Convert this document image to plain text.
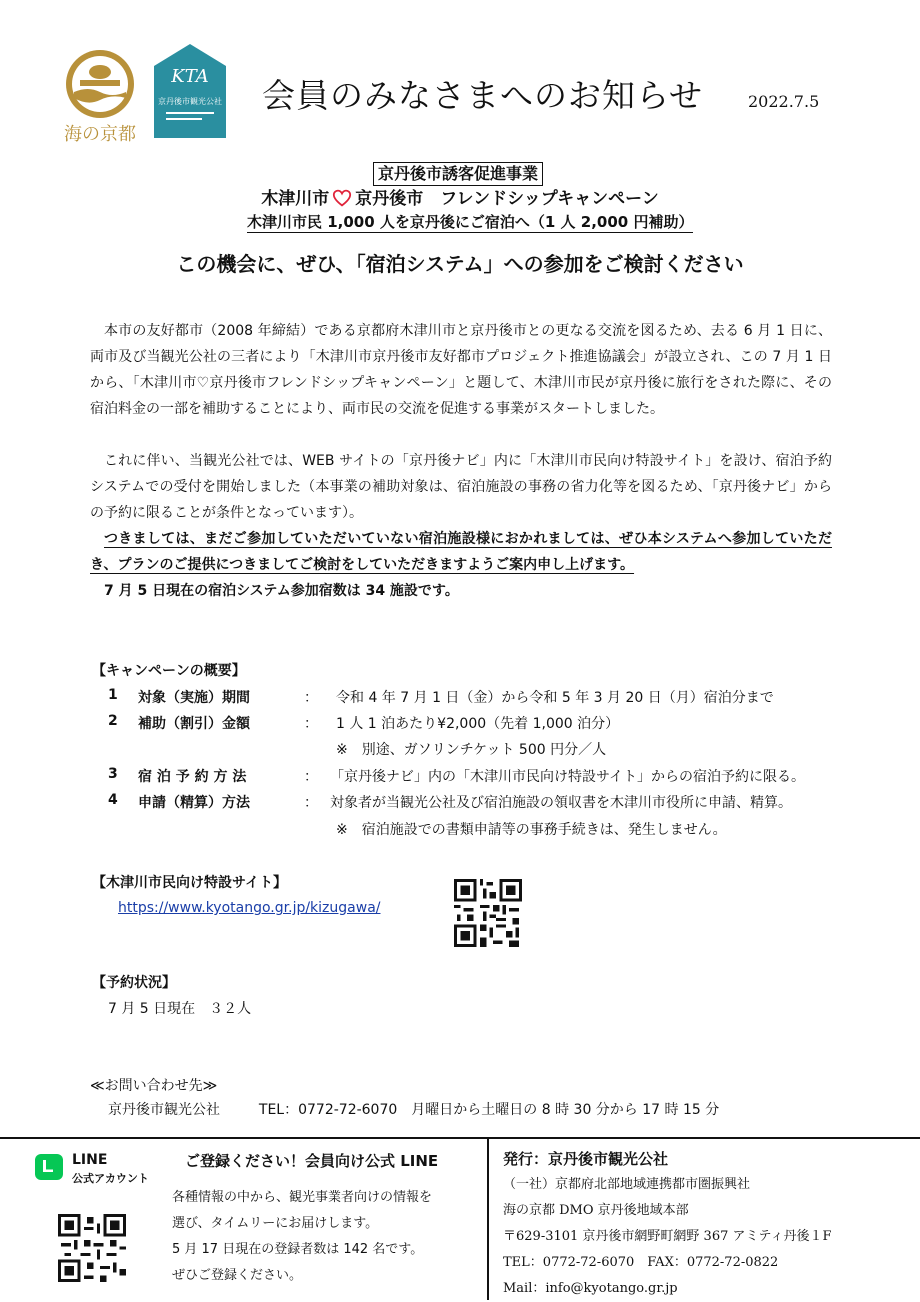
海の京都
KTA
京丹後市観光公社 会員のみなさまへのお知らせ	2022.7.5
京丹後市誘客促進事業
木津川市 京丹後市　フレンドシップキャンペーン
木津川市民 1,000 人を京丹後にご宿泊へ（1 人 2,000 円補助）
この機会に、ぜひ、「宿泊システム」への参加をご検討ください
本市の友好都市（2008 年締結）である京都府木津川市と京丹後市との更なる交流を図るため、去る 6 月 1 日に、両市及び当観光公社の三者により「木津川市京丹後市友好都市プロジェクト推進協議会」が設立され、この 7 月 1 日から、「木津川市♡京丹後市フレンドシップキャンペーン」と題して、木津川市民が京丹後に旅行をされた際に、その宿泊料金の一部を補助することにより、両市民の交流を促進する事業がスタートしました。
これに伴い、当観光公社では、WEB サイトの「京丹後ナビ」内に「木津川市民向け特設サイト」を設け、宿泊予約システムでの受付を開始しました（本事業の補助対象は、宿泊施設の事務の省力化等を図るため、「京丹後ナビ」からの予約に限ることが条件となっています）。
つきましては、まだご参加していただいていない宿泊施設様におかれましては、ぜひ本システムへ参加していただき、プランのご提供につきましてご検討をしていただきますようご案内申し上げます。
7 月 5 日現在の宿泊システム参加宿数は 34 施設です。
【キャンペーンの概要】
1	対象（実施）期間	： 令和 4 年 7 月 1 日（金）から令和 5 年 3 月 20 日（月）宿泊分まで
2	補助（割引）金額	： 1 人 1 泊あたり¥2,000（先着 1,000 泊分）
※　別途、ガソリンチケット 500 円分／人
3	宿 泊 予 約 方 法	： 「京丹後ナビ」内の「木津川市民向け特設サイト」からの宿泊予約に限る。
4	申請（精算）方法	： 対象者が当観光公社及び宿泊施設の領収書を木津川市役所に申請、精算。
※　宿泊施設での書類申請等の事務手続きは、発生しません。
【木津川市民向け特設サイト】
https://www.kyotango.gr.jp/kizugawa/
【予約状況】
7 月 5 日現在　３２人
≪お問い合わせ先≫
京丹後市観光公社	TEL：0772-72-6070　月曜日から土曜日の 8 時 30 分から 17 時 15 分
LINE
公式アカウント
ご登録ください！会員向け公式 LINE
各種情報の中から、観光事業者向けの情報を
選び、タイムリーにお届けします。
5 月 17 日現在の登録者数は 142 名です。
ぜひご登録ください。
発行：京丹後市観光公社
（一社）京都府北部地域連携都市圏振興社
海の京都 DMO 京丹後地域本部
〒629-3101 京丹後市網野町網野 367 アミティ丹後１F
TEL：0772-72-6070　FAX：0772-72-0822
Mail：info@kyotango.gr.jp
